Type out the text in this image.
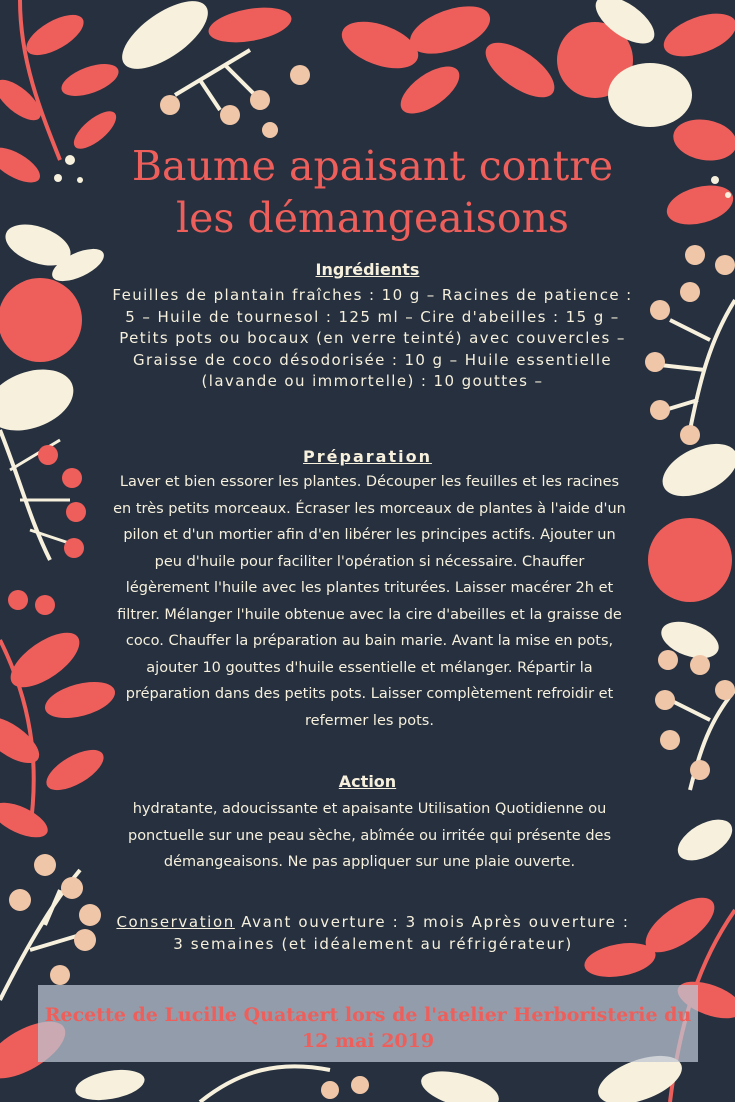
Baume apaisant contre les démangeaisons
Ingrédients

Feuilles de plantain fraîches : 10 g – Racines de patience : 5 – Huile de tournesol : 125 ml – Cire d'abeilles : 15 g – Petits pots ou bocaux (en verre teinté) avec couvercles – Graisse de coco désodorisée : 10 g – Huile essentielle (lavande ou immortelle) : 10 gouttes –

Préparation

Laver et bien essorer les plantes. Découper les feuilles et les racines en très petits morceaux. Écraser les morceaux de plantes à l'aide d'un pilon et d'un mortier afin d'en libérer les principes actifs. Ajouter un peu d'huile pour faciliter l'opération si nécessaire. Chauffer légèrement l'huile avec les plantes triturées. Laisser macérer 2h et filtrer. Mélanger l'huile obtenue avec la cire d'abeilles et la graisse de coco. Chauffer la préparation au bain marie. Avant la mise en pots, ajouter 10 gouttes d'huile essentielle et mélanger. Répartir la préparation dans des petits pots. Laisser complètement refroidir et refermer les pots.

Action

hydratante, adoucissante et apaisante Utilisation Quotidienne ou ponctuelle sur une peau sèche, abîmée ou irritée qui présente des démangeaisons. Ne pas appliquer sur une plaie ouverte.

Conservation Avant ouverture : 3 mois Après ouverture : 3 semaines (et idéalement au réfrigérateur)

Recette de Lucille Quataert lors de l'atelier Herboristerie du 12 mai 2019
